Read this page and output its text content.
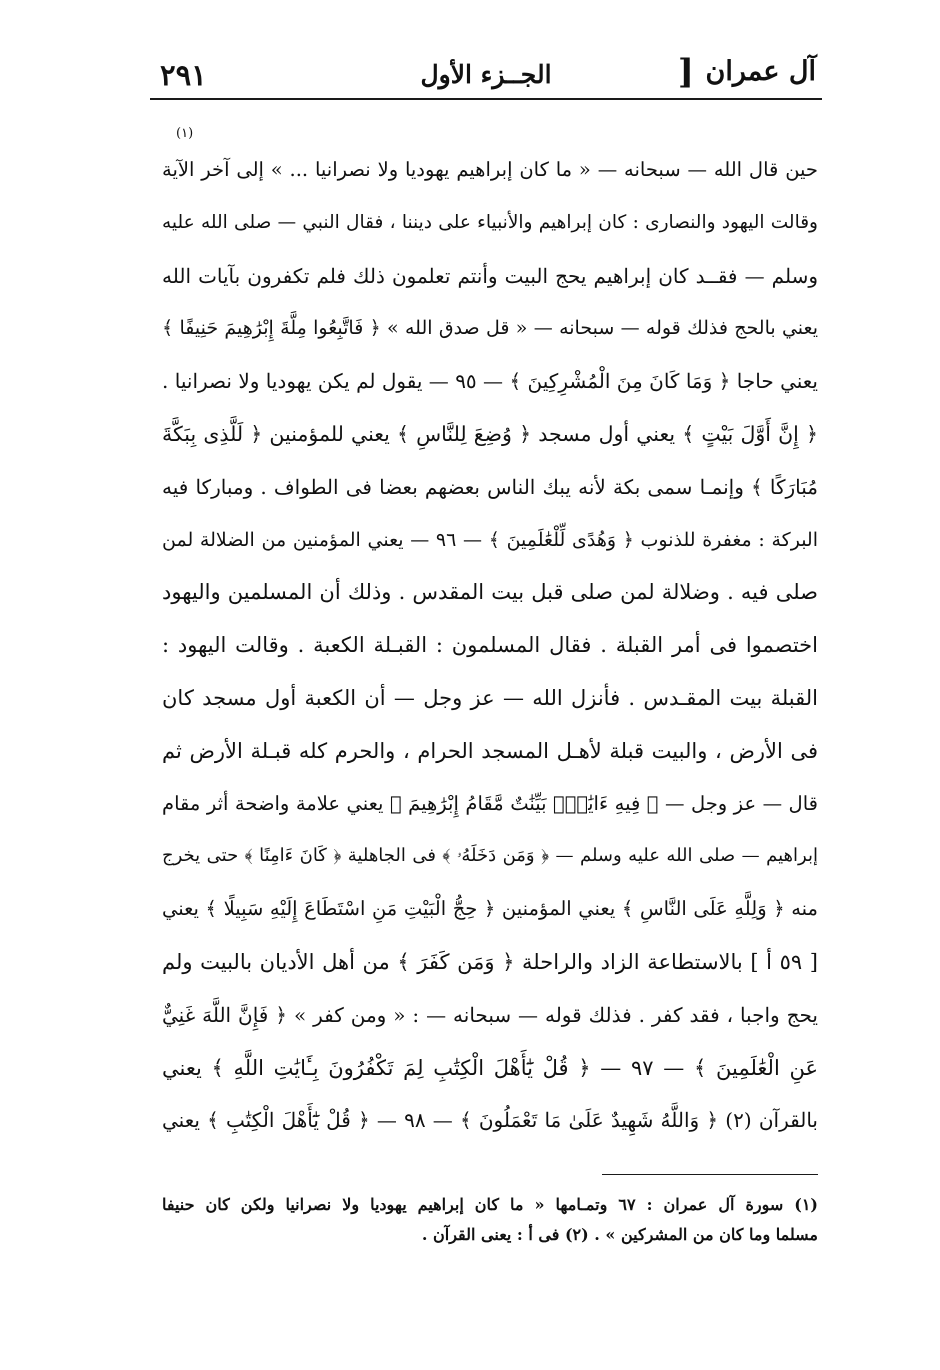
آل عمران
[
الجــزء الأول
٢٩١
(١)
حين قال الله — سبحانه — « ما كان إبراهيم يهوديا ولا نصرانيا ... » إلى آخر الآية
وقالت اليهود والنصارى : كان إبراهيم والأنبياء على ديننا ، فقال النبي — صلى الله عليه
وسلم — فقــد كان إبراهيم يحج البيت وأنتم تعلمون ذلك فلم تكفرون بآيات الله
يعني بالحج فذلك قوله — سبحانه — « قل صدق الله » ﴿ فَاتَّبِعُوا مِلَّةَ إِبْرَٰهِيمَ حَنِيفًا ﴾
يعني حاجا ﴿ وَمَا كَانَ مِنَ الْمُشْرِكِينَ ﴾ — ٩٥ — يقول لم يكن يهوديا ولا نصرانيا .
﴿ إِنَّ أَوَّلَ بَيْتٍ ﴾ يعني أول مسجد ﴿ وُضِعَ لِلنَّاسِ ﴾ يعني للمؤمنين ﴿ لَلَّذِى بِبَكَّةَ
مُبَارَكًا ﴾ وإنمـا سمى بكة لأنه يبك الناس بعضهم بعضا فى الطواف . ومباركا فيه
البركة : مغفرة للذنوب ﴿ وَهُدًى لِّلْعَٰلَمِينَ ﴾ — ٩٦ — يعني المؤمنين من الضلالة لمن
صلى فيه . وضلالة لمن صلى قبل بيت المقدس . وذلك أن المسلمين واليهود
اختصموا فى أمر القبلة . فقال المسلمون : القبـلة الكعبة . وقالت اليهود :
القبلة بيت المقـدس . فأنزل الله — عز وجل — أن الكعبة أول مسجد كان
فى الأرض ، والبيت قبلة لأهـل المسجد الحرام ، والحرم كله قبـلة الأرض ثم
قال — عز وجل — ﴿ فِيهِ ءَايَٰتٌۢ بَيِّنَٰتٌ مَّقَامُ إِبْرَٰهِيمَ ﴾ يعني علامة واضحة أثر مقام
إبراهيم — صلى الله عليه وسلم — ﴿ وَمَن دَخَلَهُۥ ﴾ فى الجاهلية ﴿ كَانَ ءَامِنًا ﴾ حتى يخرج
منه ﴿ وَلِلَّهِ عَلَى النَّاسِ ﴾ يعني المؤمنين ﴿ حِجُّ الْبَيْتِ مَنِ اسْتَطَاعَ إِلَيْهِ سَبِيلًا ﴾ يعني
[ ٥٩ أ ] بالاستطاعة الزاد والراحلة ﴿ وَمَن كَفَرَ ﴾ من أهل الأديان بالبيت ولم
يحج واجبا ، فقد كفر . فذلك قوله — سبحانه — : « ومن كفر » ﴿ فَإِنَّ اللَّهَ غَنِيٌّ
عَنِ الْعَٰلَمِينَ ﴾ — ٩٧ — ﴿ قُلْ يَٰٓأَهْلَ الْكِتَٰبِ لِمَ تَكْفُرُونَ بِـَٔايَٰتِ اللَّهِ ﴾ يعني
بالقرآن (٢) ﴿ وَاللَّهُ شَهِيدٌ عَلَىٰ مَا تَعْمَلُونَ ﴾ — ٩٨ — ﴿ قُلْ يَٰٓأَهْلَ الْكِتَٰبِ ﴾ يعني
(١) سورة آل عمران : ٦٧ وتمـامها « ما كان إبراهيم يهوديا ولا نصرانيا ولكن كان حنيفا
مسلما وما كان من المشركين » . (٢) فى أ : يعنى القرآن .
